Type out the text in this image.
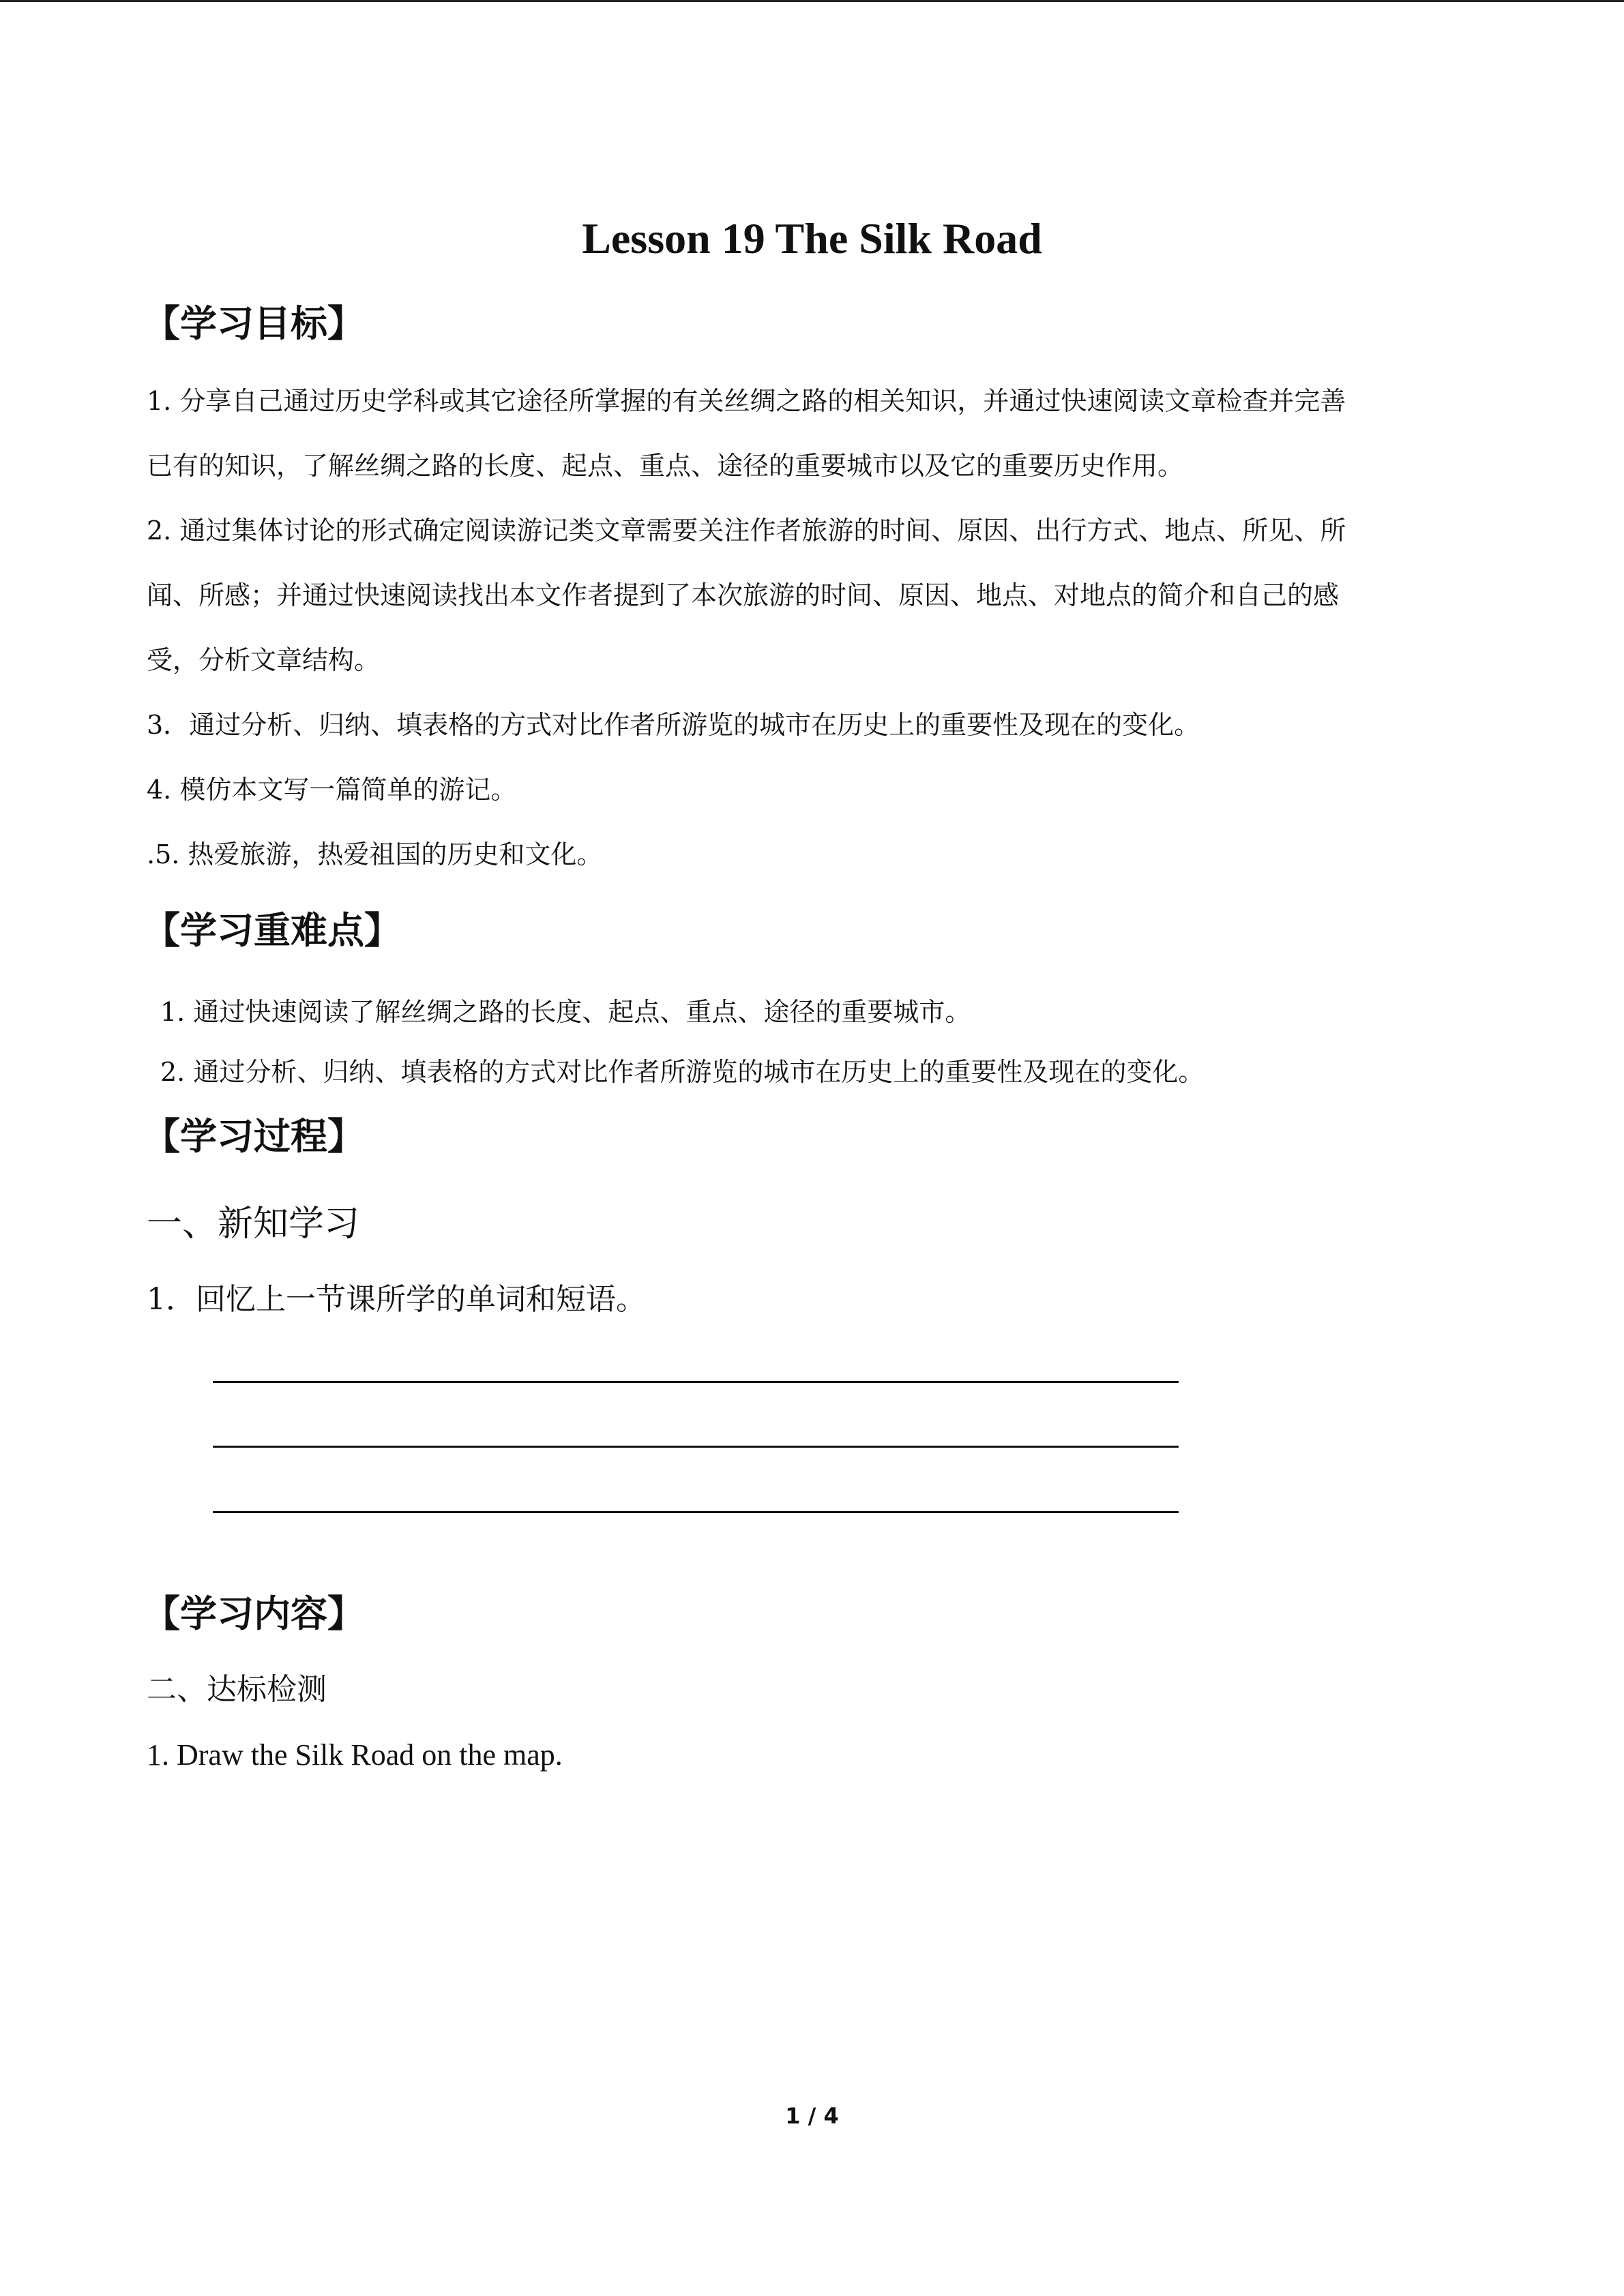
Lesson 19 The Silk Road
【学习目标】
1. 分享自己通过历史学科或其它途径所掌握的有关丝绸之路的相关知识，并通过快速阅读文章检查并完善
已有的知识，了解丝绸之路的长度、起点、重点、途径的重要城市以及它的重要历史作用。
2. 通过集体讨论的形式确定阅读游记类文章需要关注作者旅游的时间、原因、出行方式、地点、所见、所
闻、所感；并通过快速阅读找出本文作者提到了本次旅游的时间、原因、地点、对地点的简介和自己的感
受，分析文章结构。
3．通过分析、归纳、填表格的方式对比作者所游览的城市在历史上的重要性及现在的变化。
4. 模仿本文写一篇简单的游记。
.5. 热爱旅游，热爱祖国的历史和文化。
【学习重难点】
1. 通过快速阅读了解丝绸之路的长度、起点、重点、途径的重要城市。
2. 通过分析、归纳、填表格的方式对比作者所游览的城市在历史上的重要性及现在的变化。
【学习过程】
一、新知学习
1．回忆上一节课所学的单词和短语。
【学习内容】
二、达标检测
1. Draw the Silk Road on the map.
1 / 4
